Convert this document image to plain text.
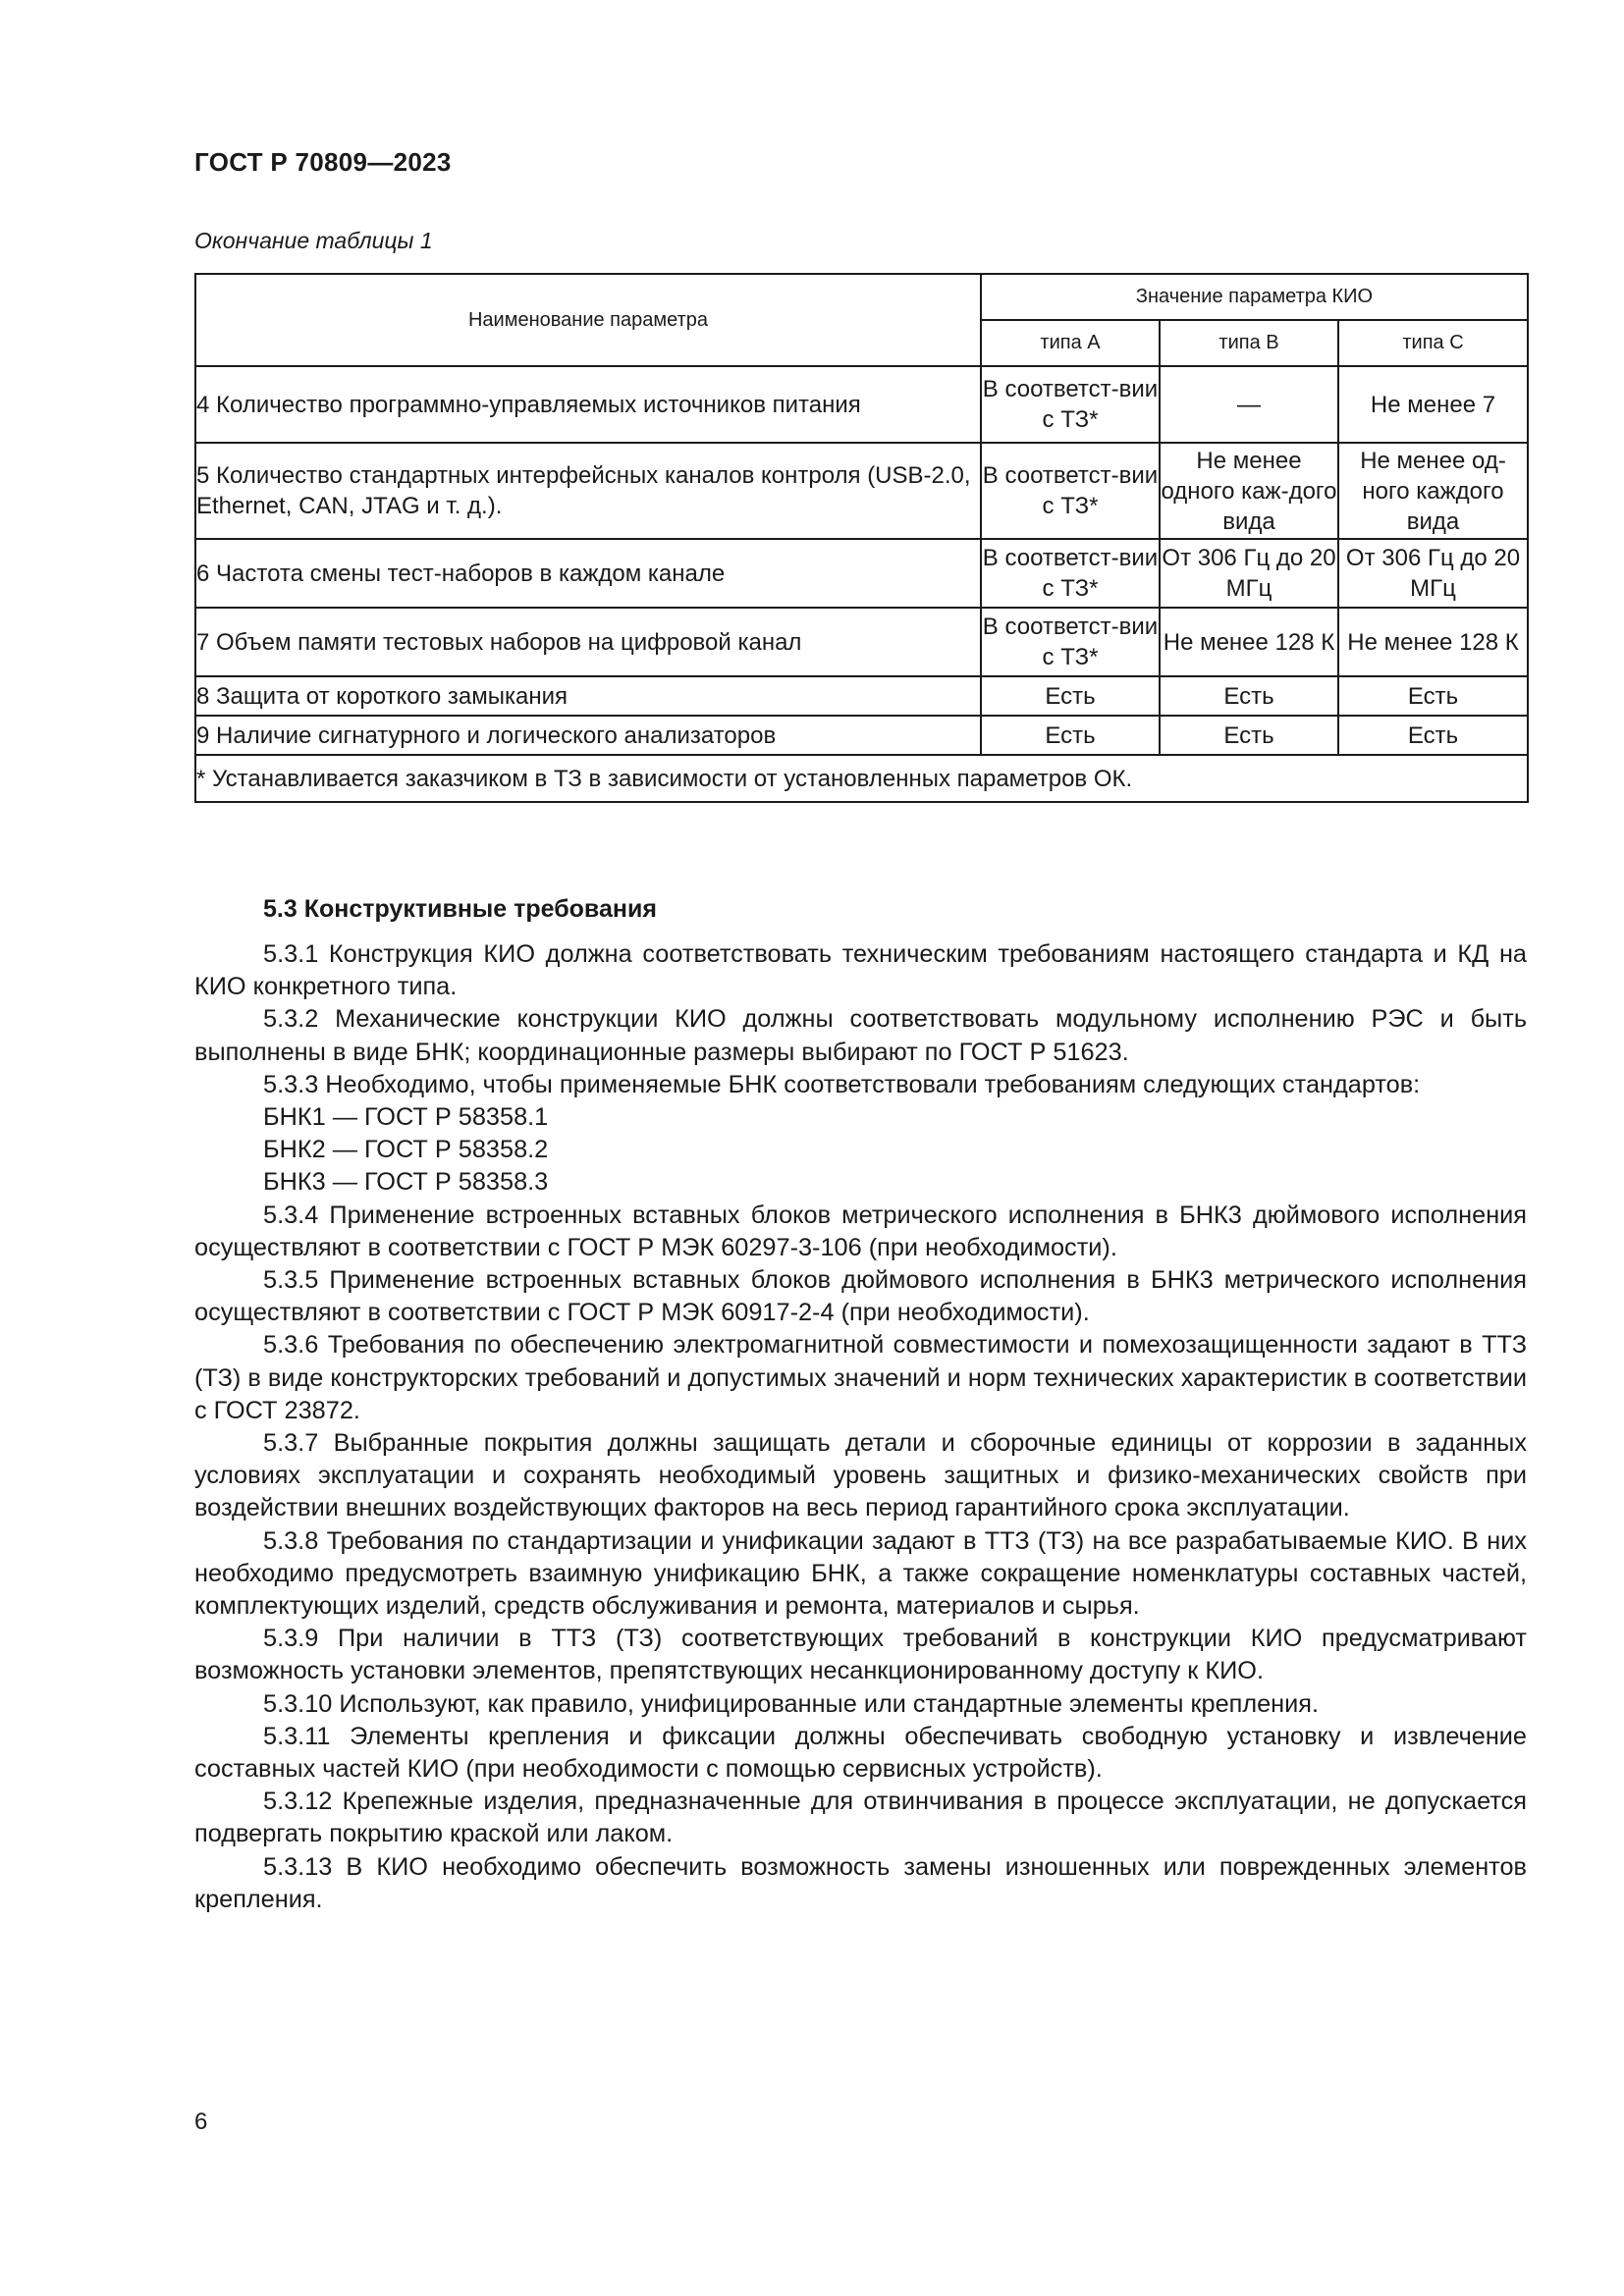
ГОСТ Р 70809—2023
Окончание таблицы 1
Наименование параметра	Значение параметра КИО		
	типа А	типа В	типа С
4 Количество программно-управляемых источников питания	В соответст-вии с ТЗ*	—	Не менее 7
5 Количество стандартных интерфейсных каналов контроля (USB-2.0, Ethernet, CAN, JTAG и т. д.).	В соответст-вии с ТЗ*	Не менее одного каж-дого вида	Не менее од-ного каждого вида
6 Частота смены тест-наборов в каждом канале	В соответст-вии с ТЗ*	От 306 Гц до 20 МГц	От 306 Гц до 20 МГц
7 Объем памяти тестовых наборов на цифровой канал	В соответст-вии с ТЗ*	Не менее 128 К	Не менее 128 К
8 Защита от короткого замыкания	Есть	Есть	Есть
9 Наличие сигнатурного и логического анализаторов	Есть	Есть	Есть
* Устанавливается заказчиком в ТЗ в зависимости от установленных параметров ОК.			
5.3 Конструктивные требования

5.3.1 Конструкция КИО должна соответствовать техническим требованиям настоящего стандарта и КД на КИО конкретного типа.

5.3.2 Механические конструкции КИО должны соответствовать модульному исполнению РЭС и быть выполнены в виде БНК; координационные размеры выбирают по ГОСТ Р 51623.

5.3.3 Необходимо, чтобы применяемые БНК соответствовали требованиям следующих стандартов:

БНК1 — ГОСТ Р 58358.1

БНК2 — ГОСТ Р 58358.2

БНК3 — ГОСТ Р 58358.3

5.3.4 Применение встроенных вставных блоков метрического исполнения в БНК3 дюймового исполнения осуществляют в соответствии с ГОСТ Р МЭК 60297-3-106 (при необходимости).

5.3.5 Применение встроенных вставных блоков дюймового исполнения в БНК3 метрического исполнения осуществляют в соответствии с ГОСТ Р МЭК 60917-2-4 (при необходимости).

5.3.6 Требования по обеспечению электромагнитной совместимости и помехозащищенности задают в ТТЗ (ТЗ) в виде конструкторских требований и допустимых значений и норм технических характеристик в соответствии с ГОСТ 23872.

5.3.7 Выбранные покрытия должны защищать детали и сборочные единицы от коррозии в заданных условиях эксплуатации и сохранять необходимый уровень защитных и физико-механических свойств при воздействии внешних воздействующих факторов на весь период гарантийного срока эксплуатации.

5.3.8 Требования по стандартизации и унификации задают в ТТЗ (ТЗ) на все разрабатываемые КИО. В них необходимо предусмотреть взаимную унификацию БНК, а также сокращение номенклатуры составных частей, комплектующих изделий, средств обслуживания и ремонта, материалов и сырья.

5.3.9 При наличии в ТТЗ (ТЗ) соответствующих требований в конструкции КИО предусматривают возможность установки элементов, препятствующих несанкционированному доступу к КИО.

5.3.10 Используют, как правило, унифицированные или стандартные элементы крепления.

5.3.11 Элементы крепления и фиксации должны обеспечивать свободную установку и извлечение составных частей КИО (при необходимости с помощью сервисных устройств).

5.3.12 Крепежные изделия, предназначенные для отвинчивания в процессе эксплуатации, не допускается подвергать покрытию краской или лаком.

5.3.13 В КИО необходимо обеспечить возможность замены изношенных или поврежденных элементов крепления.

6
